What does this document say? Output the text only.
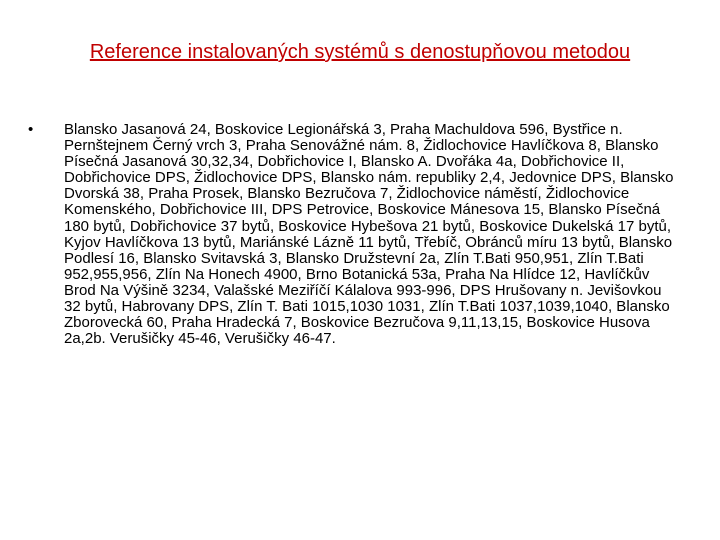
Reference instalovaných systémů s denostupňovou metodou
• Blansko Jasanová 24, Boskovice Legionářská 3, Praha Machuldova 596, Bystřice n. Pernštejnem Černý vrch 3, Praha Senovážné nám. 8, Židlochovice Havlíčkova 8, Blansko Písečná Jasanová 30,32,34, Dobřichovice I, Blansko A. Dvořáka 4a, Dobřichovice II, Dobřichovice DPS, Židlochovice DPS, Blansko nám. republiky 2,4, Jedovnice DPS, Blansko Dvorská 38, Praha Prosek, Blansko Bezručova 7, Židlochovice náměstí, Židlochovice Komenského, Dobřichovice III, DPS Petrovice, Boskovice Mánesova 15, Blansko Písečná 180 bytů, Dobřichovice 37 bytů, Boskovice Hybešova 21 bytů, Boskovice Dukelská 17 bytů, Kyjov Havlíčkova 13 bytů, Mariánské Lázně 11 bytů, Třebíč, Obránců míru 13 bytů, Blansko Podlesí 16, Blansko Svitavská 3, Blansko Družstevní 2a, Zlín T.Bati 950,951, Zlín T.Bati 952,955,956, Zlín Na Honech 4900, Brno Botanická 53a, Praha Na Hlídce 12, Havlíčkův Brod Na Výšině 3234, Valašské Meziříčí Kálalova 993-996, DPS Hrušovany n. Jevišovkou 32 bytů, Habrovany DPS, Zlín T. Bati 1015,1030 1031, Zlín T.Bati 1037,1039,1040, Blansko Zborovecká 60, Praha Hradecká 7, Boskovice Bezručova 9,11,13,15, Boskovice Husova 2a,2b. Verušičky 45-46, Verušičky 46-47.
